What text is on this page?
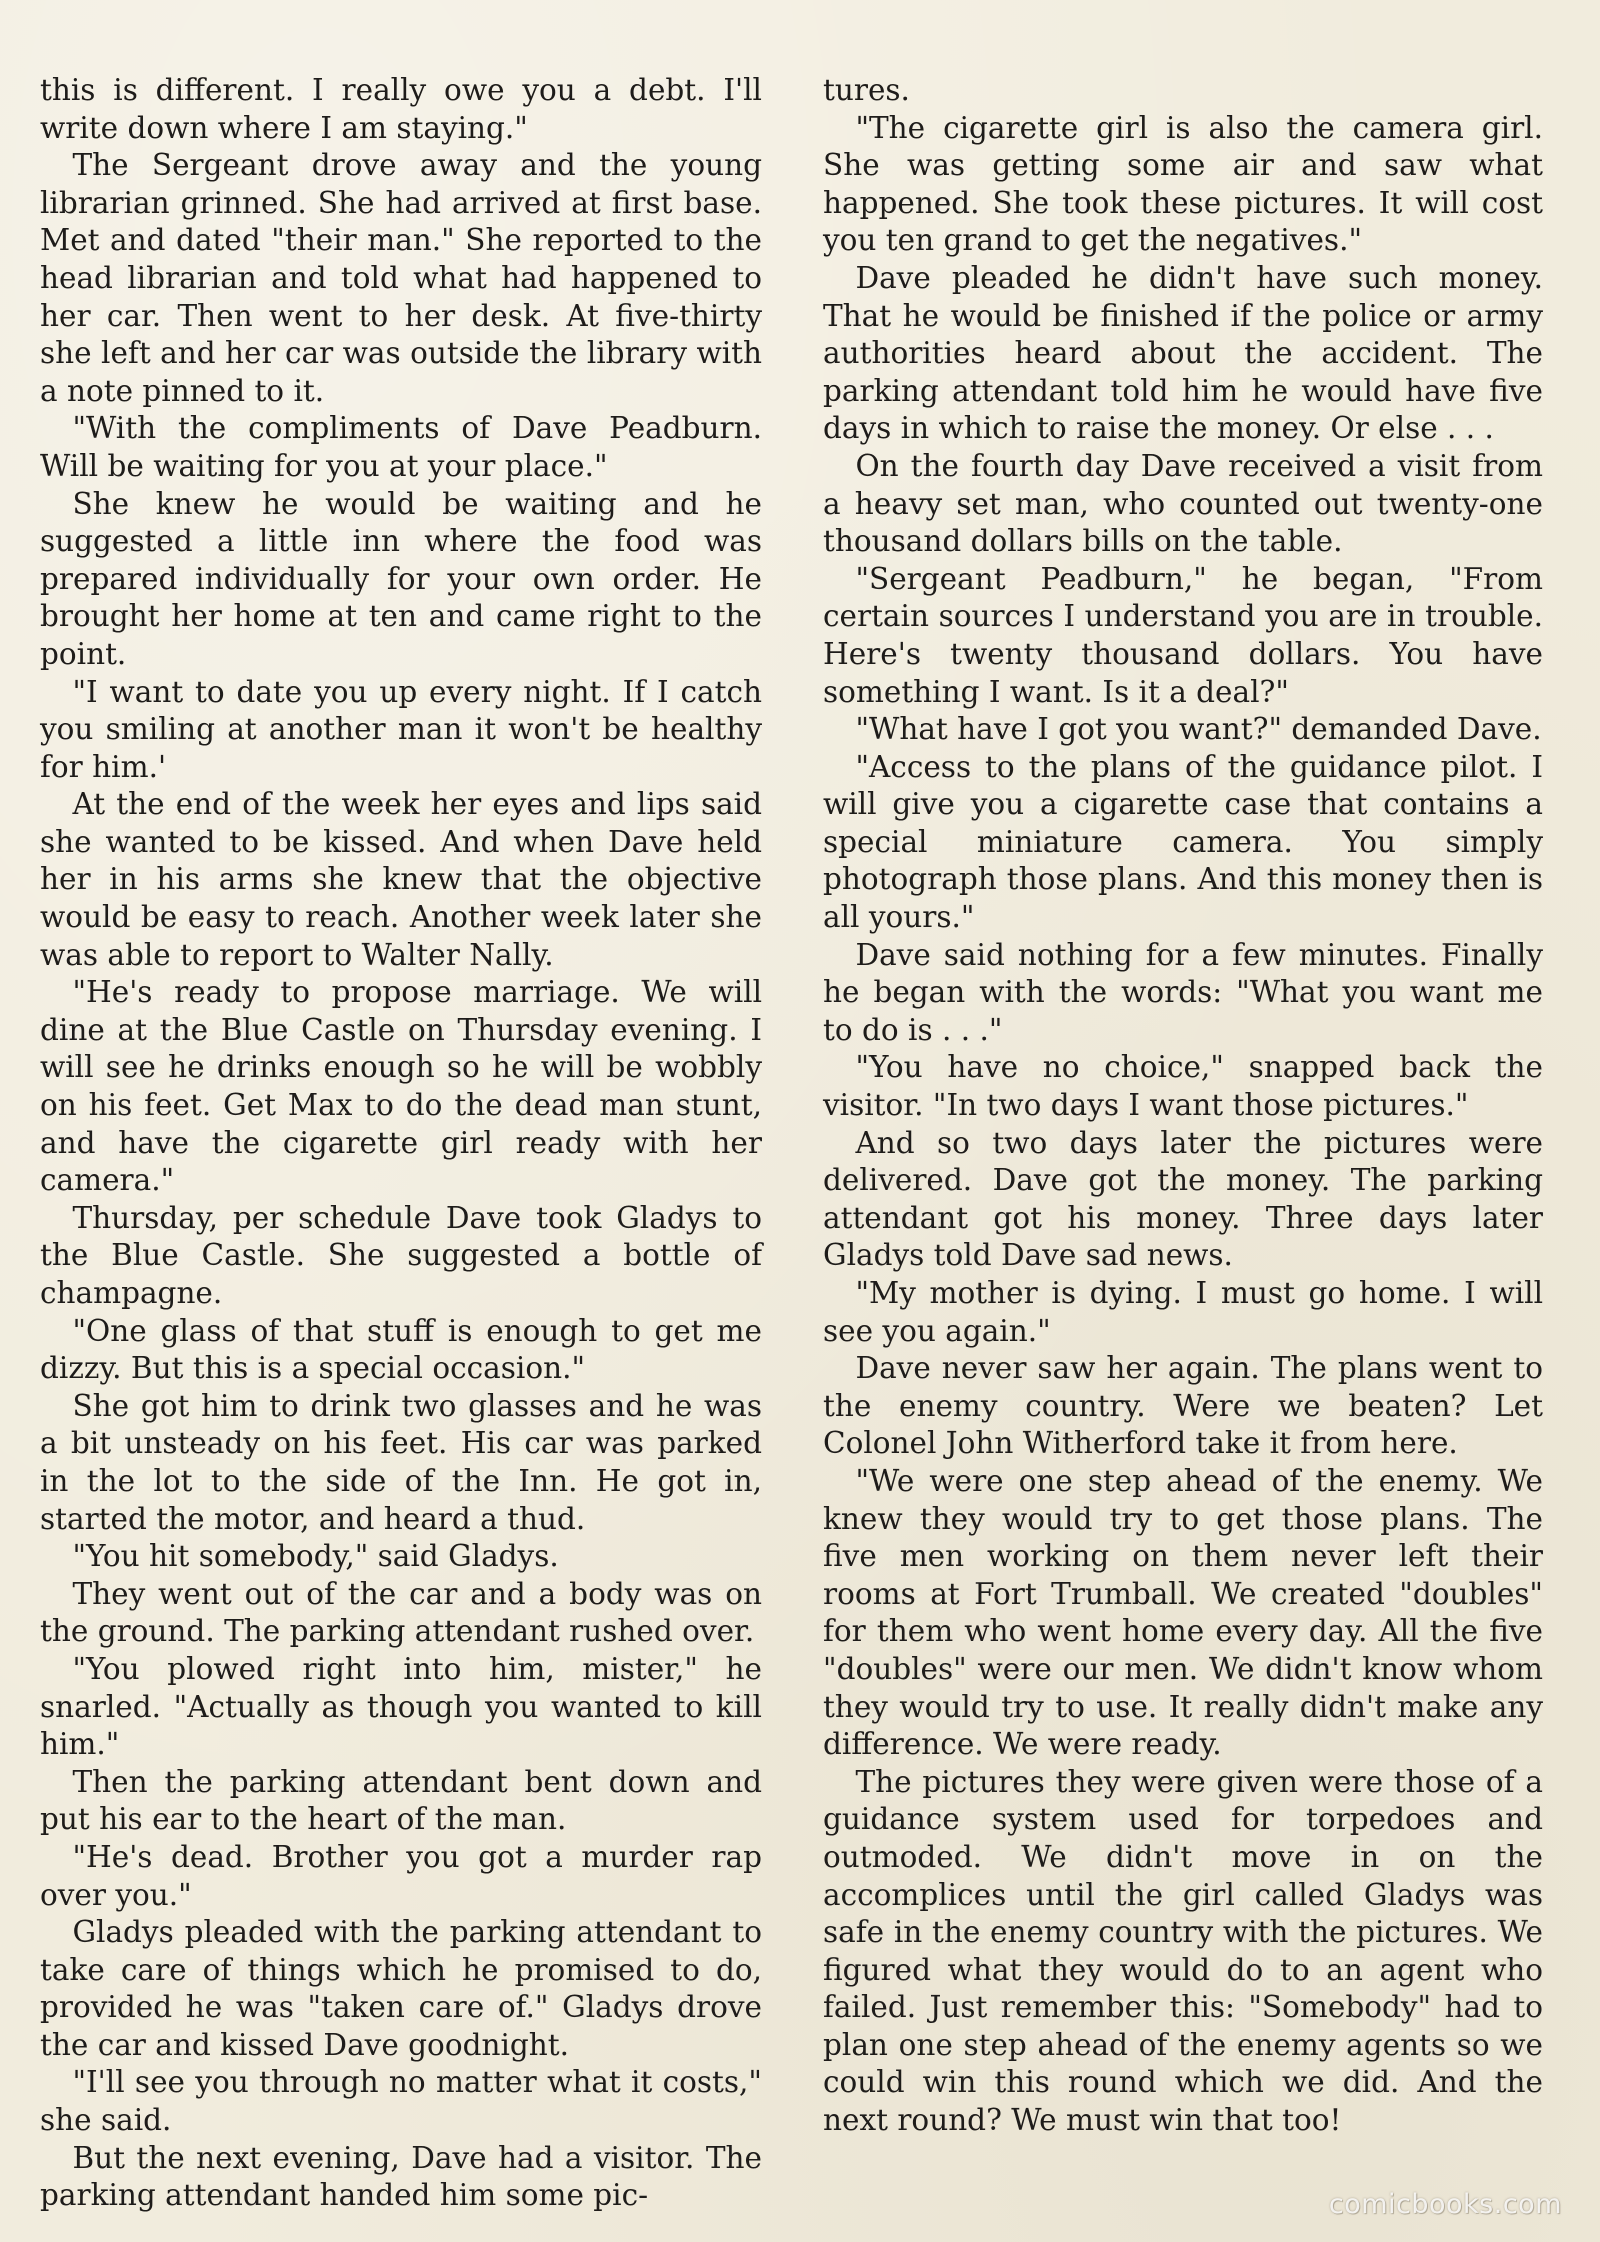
this is different. I really owe you a debt. I'll write down where I am staying."

The Sergeant drove away and the young librarian grinned. She had arrived at first base. Met and dated "their man." She reported to the head librarian and told what had happened to her car. Then went to her desk. At five-thirty she left and her car was outside the library with a note pinned to it.

"With the compliments of Dave Peadburn. Will be waiting for you at your place."

She knew he would be waiting and he suggested a little inn where the food was prepared individually for your own order. He brought her home at ten and came right to the point.

"I want to date you up every night. If I catch you smiling at another man it won't be healthy for him.'

At the end of the week her eyes and lips said she wanted to be kissed. And when Dave held her in his arms she knew that the objective would be easy to reach. Another week later she was able to report to Walter Nally.

"He's ready to propose marriage. We will dine at the Blue Castle on Thursday evening. I will see he drinks enough so he will be wobbly on his feet. Get Max to do the dead man stunt, and have the cigarette girl ready with her camera."

Thursday, per schedule Dave took Gladys to the Blue Castle. She suggested a bottle of champagne.

"One glass of that stuff is enough to get me dizzy. But this is a special occasion."

She got him to drink two glasses and he was a bit unsteady on his feet. His car was parked in the lot to the side of the Inn. He got in, started the motor, and heard a thud.

"You hit somebody," said Gladys.

They went out of the car and a body was on the ground. The parking attendant rushed over.

"You plowed right into him, mister," he snarled. "Actually as though you wanted to kill him."

Then the parking attendant bent down and put his ear to the heart of the man.

"He's dead. Brother you got a murder rap over you."

Gladys pleaded with the parking attendant to take care of things which he promised to do, provided he was "taken care of." Gladys drove the car and kissed Dave goodnight.

"I'll see you through no matter what it costs," she said.

But the next evening, Dave had a visitor. The parking attendant handed him some pic-

tures.

"The cigarette girl is also the camera girl. She was getting some air and saw what happened. She took these pictures. It will cost you ten grand to get the negatives."

Dave pleaded he didn't have such money. That he would be finished if the police or army authorities heard about the accident. The parking attendant told him he would have five days in which to raise the money. Or else . . .

On the fourth day Dave received a visit from a heavy set man, who counted out twenty-one thousand dollars bills on the table.

"Sergeant Peadburn," he began, "From certain sources I understand you are in trouble. Here's twenty thousand dollars. You have something I want. Is it a deal?"

"What have I got you want?" demanded Dave.

"Access to the plans of the guidance pilot. I will give you a cigarette case that contains a special miniature camera. You simply photograph those plans. And this money then is all yours."

Dave said nothing for a few minutes. Finally he began with the words: "What you want me to do is . . ."

"You have no choice," snapped back the visitor. "In two days I want those pictures."

And so two days later the pictures were delivered. Dave got the money. The parking attendant got his money. Three days later Gladys told Dave sad news.

"My mother is dying. I must go home. I will see you again."

Dave never saw her again. The plans went to the enemy country. Were we beaten? Let Colonel John Witherford take it from here.

"We were one step ahead of the enemy. We knew they would try to get those plans. The five men working on them never left their rooms at Fort Trumball. We created "doubles" for them who went home every day. All the five "doubles" were our men. We didn't know whom they would try to use. It really didn't make any difference. We were ready.

The pictures they were given were those of a guidance system used for torpedoes and outmoded. We didn't move in on the accomplices until the girl called Gladys was safe in the enemy country with the pictures. We figured what they would do to an agent who failed. Just remember this: "Somebody" had to plan one step ahead of the enemy agents so we could win this round which we did. And the next round? We must win that too!

comicbooks.com
